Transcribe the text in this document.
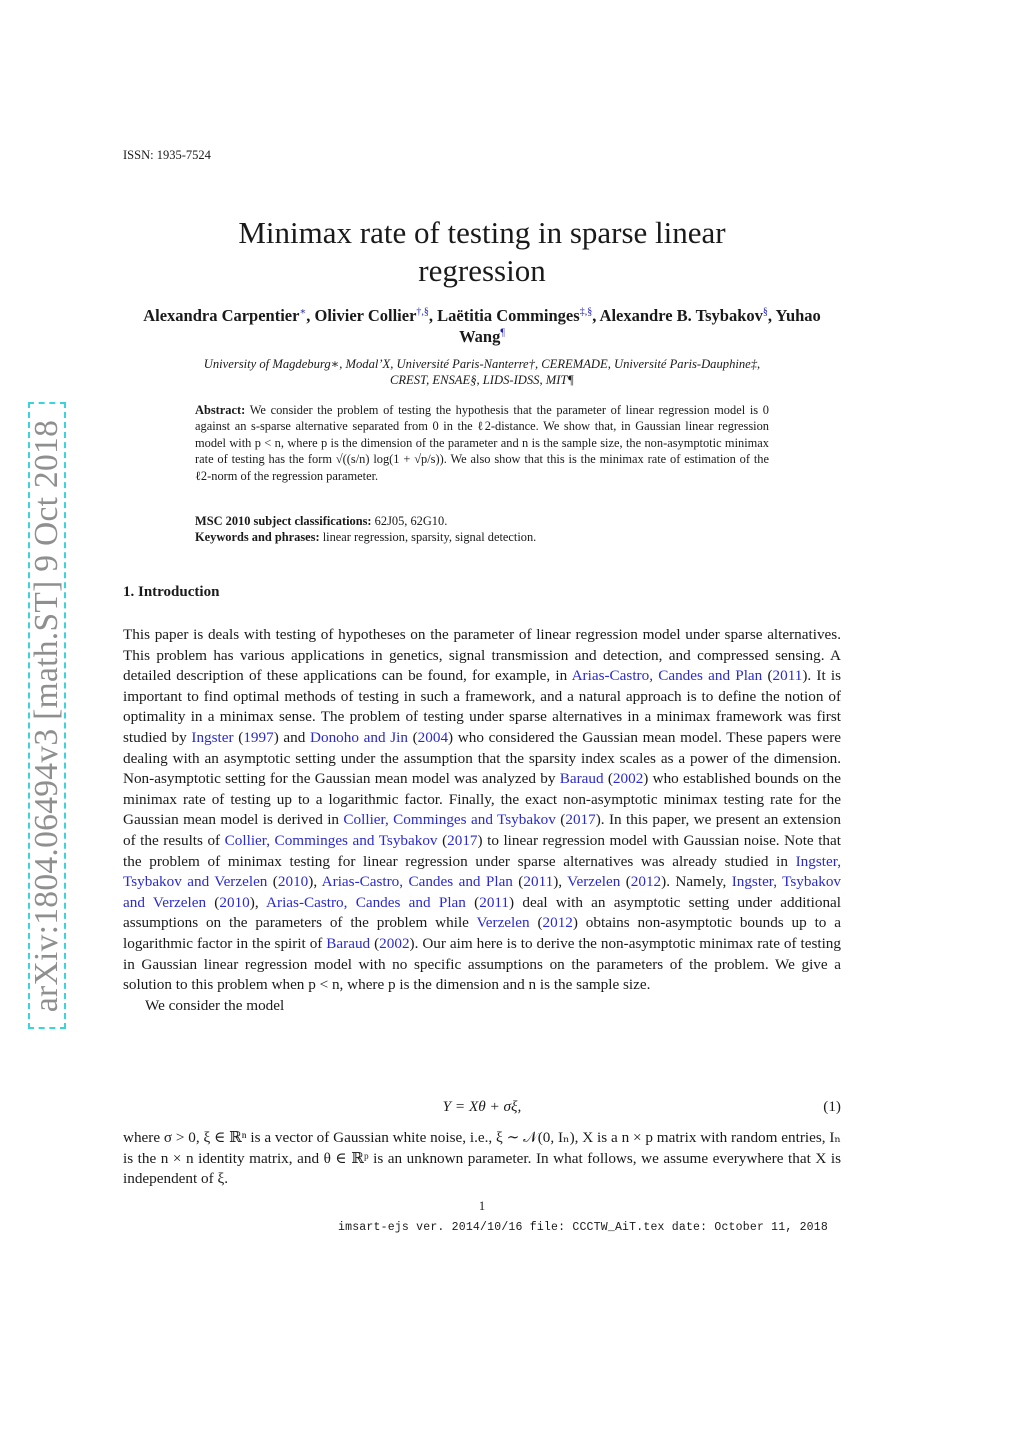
ISSN: 1935-7524
Minimax rate of testing in sparse linear
regression
Alexandra Carpentier∗, Olivier Collier†,§, Laëtitia Comminges‡,§, Alexandre B. Tsybakov§, Yuhao Wang¶
University of Magdeburg∗, Modal’X, Université Paris-Nanterre†, CEREMADE, Université Paris-Dauphine‡,
CREST, ENSAE§, LIDS-IDSS, MIT¶
Abstract: We consider the problem of testing the hypothesis that the parameter of linear regression model is 0 against an s-sparse alternative separated from 0 in the ℓ2-distance. We show that, in Gaussian linear regression model with p < n, where p is the dimension of the parameter and n is the sample size, the non-asymptotic minimax rate of testing has the form √((s/n) log(1 + √p/s)). We also show that this is the minimax rate of estimation of the ℓ2-norm of the regression parameter.
MSC 2010 subject classifications: 62J05, 62G10.
Keywords and phrases: linear regression, sparsity, signal detection.
1. Introduction

This paper is deals with testing of hypotheses on the parameter of linear regression model under sparse alternatives. This problem has various applications in genetics, signal transmission and detection, and compressed sensing. A detailed description of these applications can be found, for example, in Arias-Castro, Candes and Plan (2011). It is important to find optimal methods of testing in such a framework, and a natural approach is to define the notion of optimality in a minimax sense. The problem of testing under sparse alternatives in a minimax framework was first studied by Ingster (1997) and Donoho and Jin (2004) who considered the Gaussian mean model. These papers were dealing with an asymptotic setting under the assumption that the sparsity index scales as a power of the dimension. Non-asymptotic setting for the Gaussian mean model was analyzed by Baraud (2002) who established bounds on the minimax rate of testing up to a logarithmic factor. Finally, the exact non-asymptotic minimax testing rate for the Gaussian mean model is derived in Collier, Comminges and Tsybakov (2017). In this paper, we present an extension of the results of Collier, Comminges and Tsybakov (2017) to linear regression model with Gaussian noise. Note that the problem of minimax testing for linear regression under sparse alternatives was already studied in Ingster, Tsybakov and Verzelen (2010), Arias-Castro, Candes and Plan (2011), Verzelen (2012). Namely, Ingster, Tsybakov and Verzelen (2010), Arias-Castro, Candes and Plan (2011) deal with an asymptotic setting under additional assumptions on the parameters of the problem while Verzelen (2012) obtains non-asymptotic bounds up to a logarithmic factor in the spirit of Baraud (2002). Our aim here is to derive the non-asymptotic minimax rate of testing in Gaussian linear regression model with no specific assumptions on the parameters of the problem. We give a solution to this problem when p < n, where p is the dimension and n is the sample size.

We consider the model

Y = Xθ + σξ,	(1)
where σ > 0, ξ ∈ ℝⁿ is a vector of Gaussian white noise, i.e., ξ ∼ 𝒩(0, Iₙ), X is a n × p matrix with random entries, Iₙ is the n × n identity matrix, and θ ∈ ℝᵖ is an unknown parameter. In what follows, we assume everywhere that X is independent of ξ.
1
imsart-ejs ver. 2014/10/16 file: CCCTW_AiT.tex date: October 11, 2018
arXiv:1804.06494v3 [math.ST] 9 Oct 2018
